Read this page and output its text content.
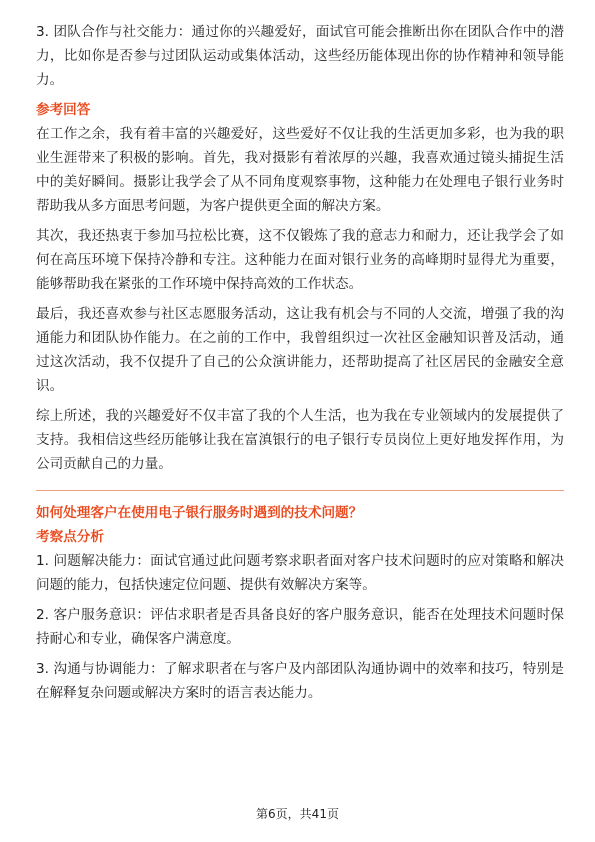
3. 团队合作与社交能力：通过你的兴趣爱好，面试官可能会推断出你在团队合作中的潜力，比如你是否参与过团队运动或集体活动，这些经历能体现出你的协作精神和领导能力。

参考回答

在工作之余，我有着丰富的兴趣爱好，这些爱好不仅让我的生活更加多彩，也为我的职业生涯带来了积极的影响。首先，我对摄影有着浓厚的兴趣，我喜欢通过镜头捕捉生活中的美好瞬间。摄影让我学会了从不同角度观察事物，这种能力在处理电子银行业务时帮助我从多方面思考问题，为客户提供更全面的解决方案。

其次，我还热衷于参加马拉松比赛，这不仅锻炼了我的意志力和耐力，还让我学会了如何在高压环境下保持冷静和专注。这种能力在面对银行业务的高峰期时显得尤为重要，能够帮助我在紧张的工作环境中保持高效的工作状态。

最后，我还喜欢参与社区志愿服务活动，这让我有机会与不同的人交流，增强了我的沟通能力和团队协作能力。在之前的工作中，我曾组织过一次社区金融知识普及活动，通过这次活动，我不仅提升了自己的公众演讲能力，还帮助提高了社区居民的金融安全意识。

综上所述，我的兴趣爱好不仅丰富了我的个人生活，也为我在专业领域内的发展提供了支持。我相信这些经历能够让我在富滇银行的电子银行专员岗位上更好地发挥作用，为公司贡献自己的力量。

如何处理客户在使用电子银行服务时遇到的技术问题？
考察点分析

1. 问题解决能力：面试官通过此问题考察求职者面对客户技术问题时的应对策略和解决问题的能力，包括快速定位问题、提供有效解决方案等。

2. 客户服务意识：评估求职者是否具备良好的客户服务意识，能否在处理技术问题时保持耐心和专业，确保客户满意度。

3. 沟通与协调能力：了解求职者在与客户及内部团队沟通协调中的效率和技巧，特别是在解释复杂问题或解决方案时的语言表达能力。

第6页，共41页
